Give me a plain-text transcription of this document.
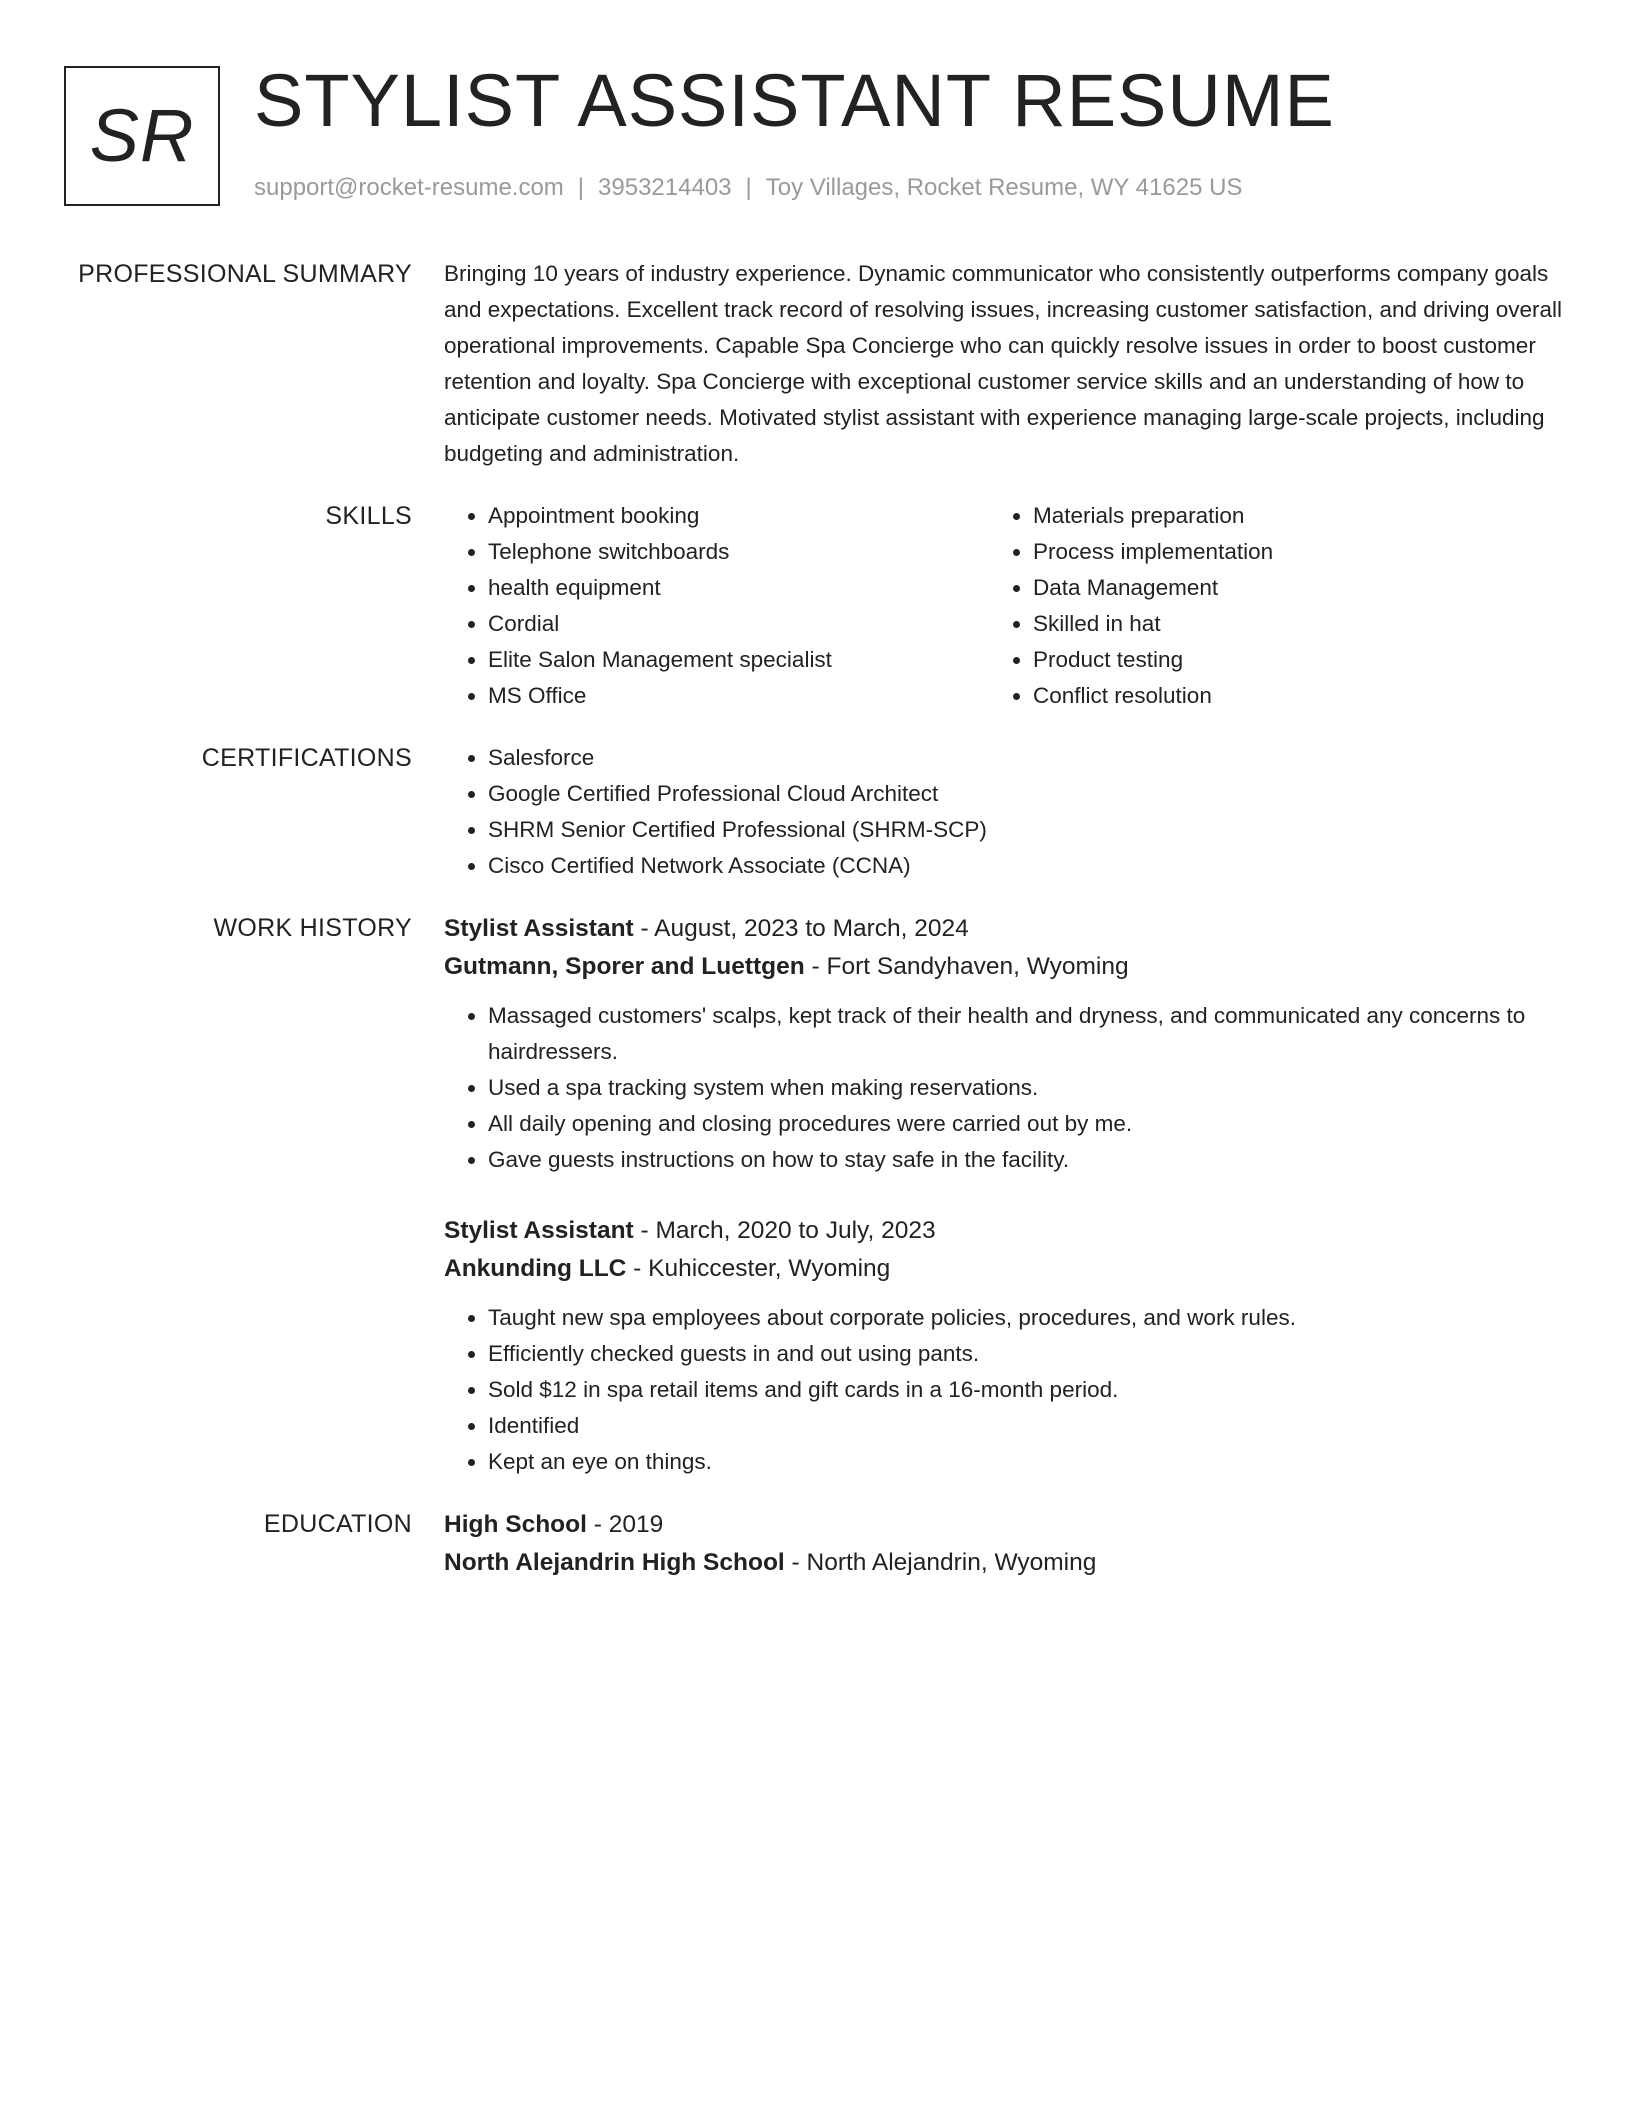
SR STYLIST ASSISTANT RESUME
support@rocket-resume.com | 3953214403 | Toy Villages, Rocket Resume, WY 41625 US
PROFESSIONAL SUMMARY Bringing 10 years of industry experience. Dynamic communicator who consistently outperforms company goals and expectations. Excellent track record of resolving issues, increasing customer satisfaction, and driving overall operational improvements. Capable Spa Concierge who can quickly resolve issues in order to boost customer retention and loyalty. Spa Concierge with exceptional customer service skills and an understanding of how to anticipate customer needs. Motivated stylist assistant with experience managing large-scale projects, including budgeting and administration.

SKILLS	• Appointment booking
• Telephone switchboards
• health equipment
• Cordial
• Elite Salon Management specialist
• MS Office
• Materials preparation
• Process implementation
• Data Management
• Skilled in hat
• Product testing
• Conflict resolution
CERTIFICATIONS	• Salesforce
• Google Certified Professional Cloud Architect
• SHRM Senior Certified Professional (SHRM-SCP)
• Cisco Certified Network Associate (CCNA)
WORK HISTORY Stylist Assistant - August, 2023 to March, 2024
Gutmann, Sporer and Luettgen - Fort Sandyhaven, Wyoming
• Massaged customers' scalps, kept track of their health and dryness, and communicated any concerns to hairdressers.
• Used a spa tracking system when making reservations.
• All daily opening and closing procedures were carried out by me.
• Gave guests instructions on how to stay safe in the facility.
Stylist Assistant - March, 2020 to July, 2023
Ankunding LLC - Kuhiccester, Wyoming
• Taught new spa employees about corporate policies, procedures, and work rules.
• Efficiently checked guests in and out using pants.
• Sold $12 in spa retail items and gift cards in a 16-month period.
• Identified
• Kept an eye on things.
EDUCATION High School - 2019
North Alejandrin High School - North Alejandrin, Wyoming
